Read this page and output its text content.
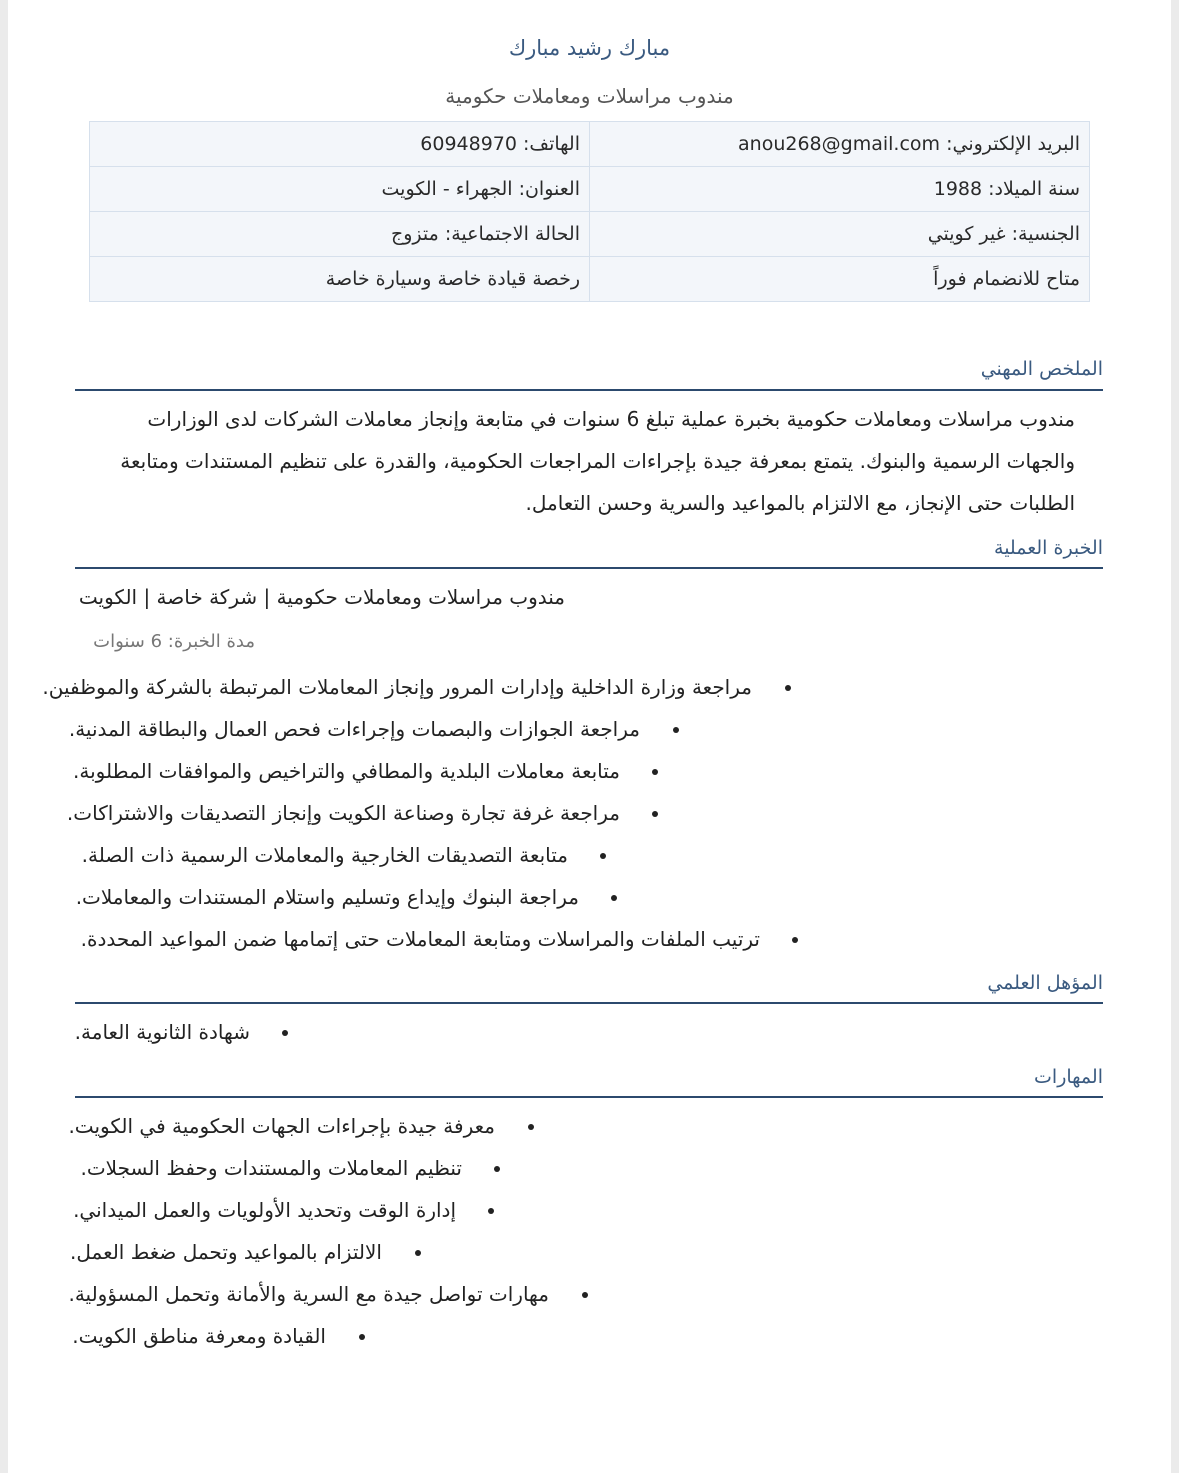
مبارك رشيد مبارك
مندوب مراسلات ومعاملات حكومية
البريد الإلكتروني: anou268@gmail.com	الهاتف: 60948970
سنة الميلاد: 1988	العنوان: الجهراء - الكويت
الجنسية: غير كويتي	الحالة الاجتماعية: متزوج
متاح للانضمام فوراً	رخصة قيادة خاصة وسيارة خاصة
الملخص المهني
مندوب مراسلات ومعاملات حكومية بخبرة عملية تبلغ 6 سنوات في متابعة وإنجاز معاملات الشركات لدى الوزارات والجهات الرسمية والبنوك. يتمتع بمعرفة جيدة بإجراءات المراجعات الحكومية، والقدرة على تنظيم المستندات ومتابعة الطلبات حتى الإنجاز، مع الالتزام بالمواعيد والسرية وحسن التعامل.
الخبرة العملية
مندوب مراسلات ومعاملات حكومية | شركة خاصة | الكويت
مدة الخبرة: 6 سنوات
مراجعة وزارة الداخلية وإدارات المرور وإنجاز المعاملات المرتبطة بالشركة والموظفين.
مراجعة الجوازات والبصمات وإجراءات فحص العمال والبطاقة المدنية.
متابعة معاملات البلدية والمطافي والتراخيص والموافقات المطلوبة.
مراجعة غرفة تجارة وصناعة الكويت وإنجاز التصديقات والاشتراكات.
متابعة التصديقات الخارجية والمعاملات الرسمية ذات الصلة.
مراجعة البنوك وإيداع وتسليم واستلام المستندات والمعاملات.
ترتيب الملفات والمراسلات ومتابعة المعاملات حتى إتمامها ضمن المواعيد المحددة.
المؤهل العلمي
شهادة الثانوية العامة.
المهارات
معرفة جيدة بإجراءات الجهات الحكومية في الكويت.
تنظيم المعاملات والمستندات وحفظ السجلات.
إدارة الوقت وتحديد الأولويات والعمل الميداني.
الالتزام بالمواعيد وتحمل ضغط العمل.
مهارات تواصل جيدة مع السرية والأمانة وتحمل المسؤولية.
القيادة ومعرفة مناطق الكويت.
